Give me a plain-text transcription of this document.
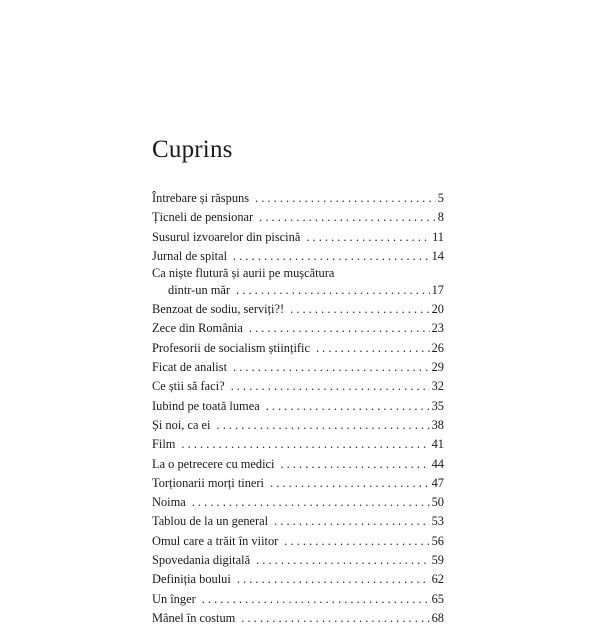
Cuprins
Întrebare și răspuns . . .	5
Țicneli de pensionar . . .	8
Susurul izvoarelor din piscină . . .	11
Jurnal de spital . . .	14
Ca niște flutură și aurii pe mușcătura
dintr-un măr . . .	17
Benzoat de sodiu, serviți?! . . .	20
Zece din România . . .	23
Profesorii de socialism științific . . .	26
Ficat de analist . . .	29
Ce știi să faci? . . .	32
Iubind pe toată lumea . . .	35
Și noi, ca ei . . .	38
Film . . .	41
La o petrecere cu medici . . .	44
Torționarii morți tineri . . .	47
Noima . . .	50
Tablou de la un general . . .	53
Omul care a trăit în viitor . . .	56
Spovedania digitală . . .	59
Definiția boului . . .	62
Un înger . . .	65
Mânel în costum . . .	68
